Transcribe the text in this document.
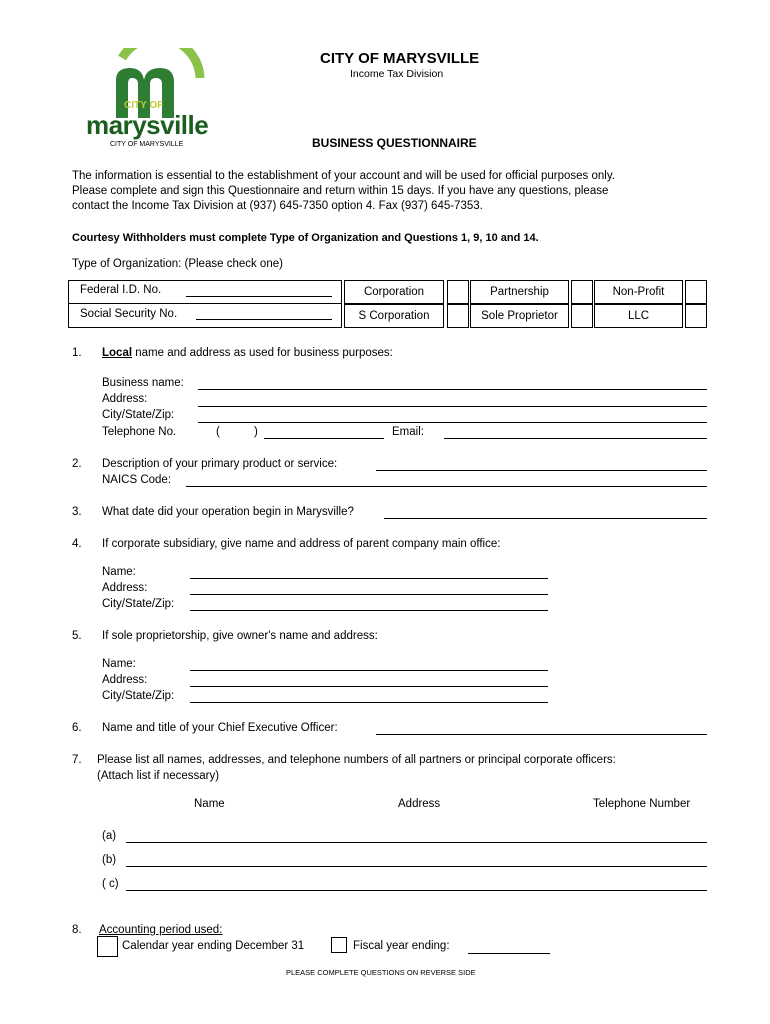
CITY OF
marysville
CITY OF MARYSVILLE
CITY OF MARYSVILLE
Income Tax Division
BUSINESS QUESTIONNAIRE
The information is essential to the establishment of your account and will be used for official purposes only.
Please complete and sign this Questionnaire and return within 15 days. If you have any questions, please
contact the Income Tax Division at (937) 645-7350 option 4. Fax (937) 645-7353.
Courtesy Withholders must complete Type of Organization and Questions 1, 9, 10 and 14.
Type of Organization: (Please check one)
Federal I.D. No.
Social Security No.
Corporation	Partnership	Non-Profit
S Corporation	Sole Proprietor	LLC
1. Local name and address as used for business purposes:
Business name:
Address:
City/State/Zip:
Telephone No.	(	)	Email:
2. Description of your primary product or service:
NAICS Code:
3. What date did your operation begin in Marysville?
4. If corporate subsidiary, give name and address of parent company main office:
Name:
Address:
City/State/Zip:
5. If sole proprietorship, give owner's name and address:
Name:
Address:
City/State/Zip:
6. Name and title of your Chief Executive Officer:
7. Please list all names, addresses, and telephone numbers of all partners or principal corporate officers:
(Attach list if necessary)
Name	Address	Telephone Number
(a)
(b)
( c)
8. Accounting period used:
Calendar year ending December 31	Fiscal year ending:
PLEASE COMPLETE QUESTIONS ON REVERSE SIDE
